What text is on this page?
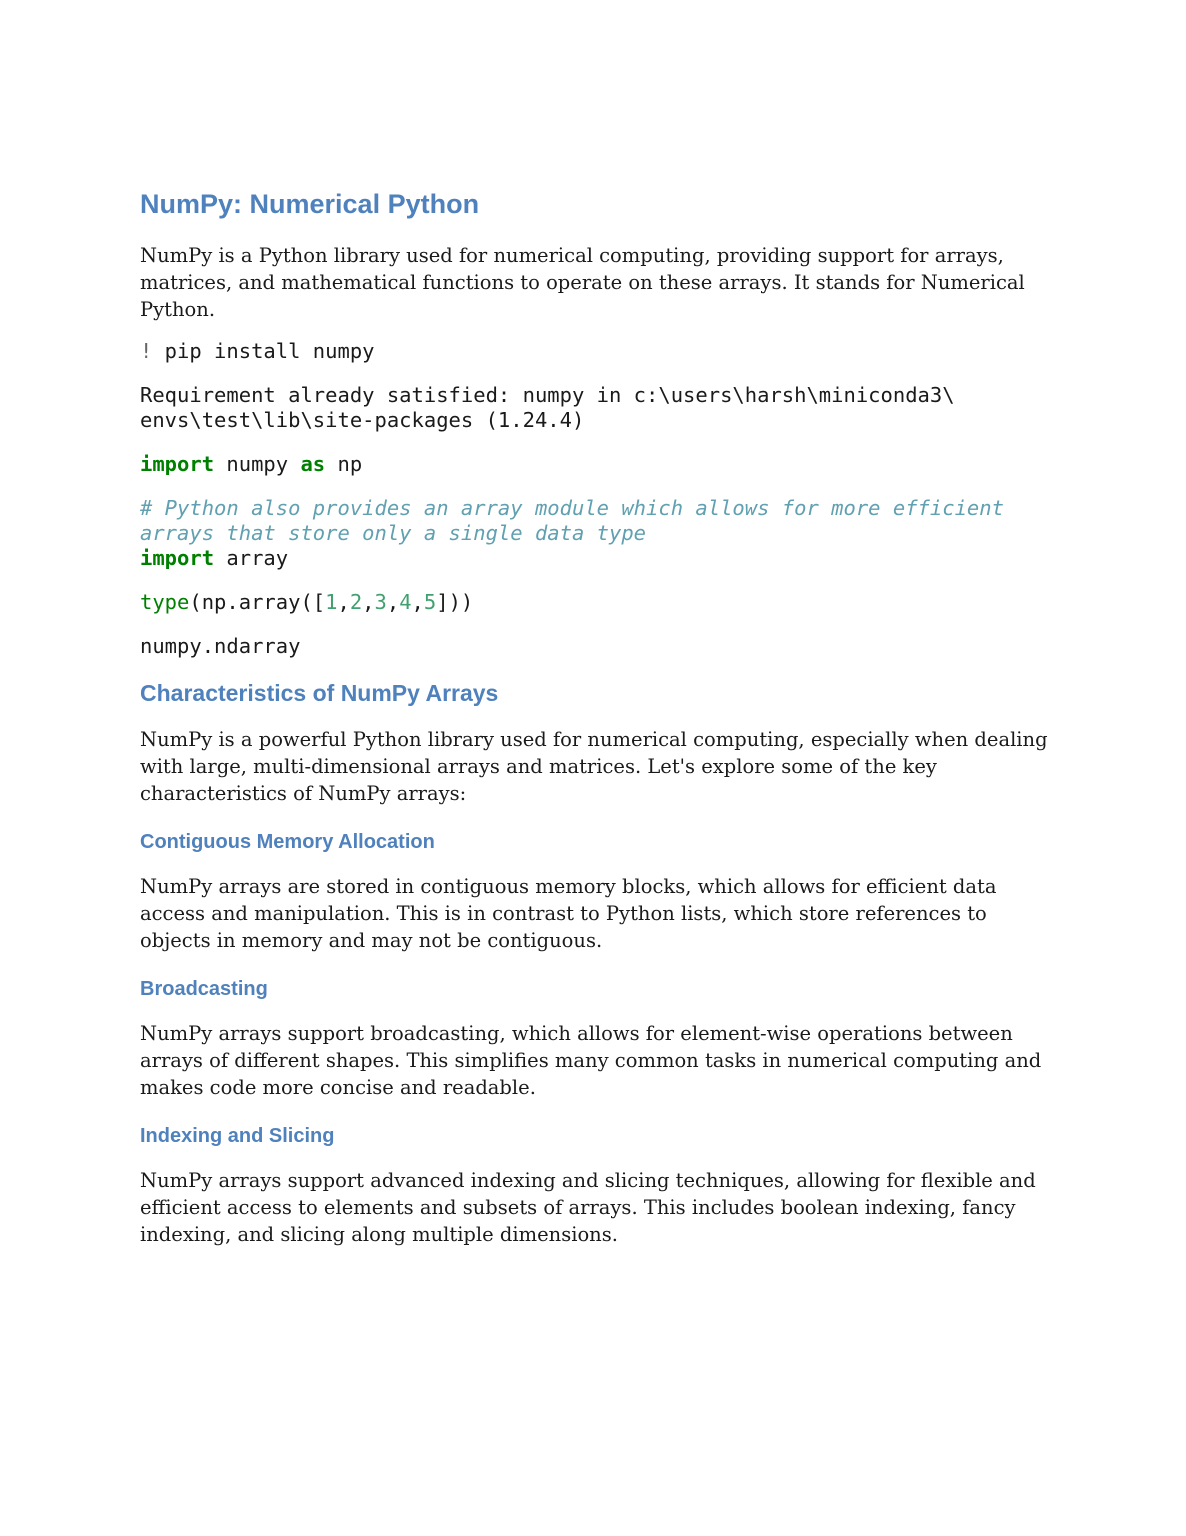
NumPy: Numerical Python

NumPy is a Python library used for numerical computing, providing support for arrays, matrices, and mathematical functions to operate on these arrays. It stands for Numerical Python.

! pip install numpy
Requirement already satisfied: numpy in c:\users\harsh\miniconda3\ envs\test\lib\site-packages (1.24.4)
import numpy as np
# Python also provides an array module which allows for more efficient arrays that store only a single data type
import array
type(np.array([1,2,3,4,5]))
numpy.ndarray
Characteristics of NumPy Arrays

NumPy is a powerful Python library used for numerical computing, especially when dealing with large, multi-dimensional arrays and matrices. Let's explore some of the key characteristics of NumPy arrays:

Contiguous Memory Allocation

NumPy arrays are stored in contiguous memory blocks, which allows for efficient data access and manipulation. This is in contrast to Python lists, which store references to objects in memory and may not be contiguous.

Broadcasting

NumPy arrays support broadcasting, which allows for element-wise operations between arrays of different shapes. This simplifies many common tasks in numerical computing and makes code more concise and readable.

Indexing and Slicing

NumPy arrays support advanced indexing and slicing techniques, allowing for flexible and efficient access to elements and subsets of arrays. This includes boolean indexing, fancy indexing, and slicing along multiple dimensions.
